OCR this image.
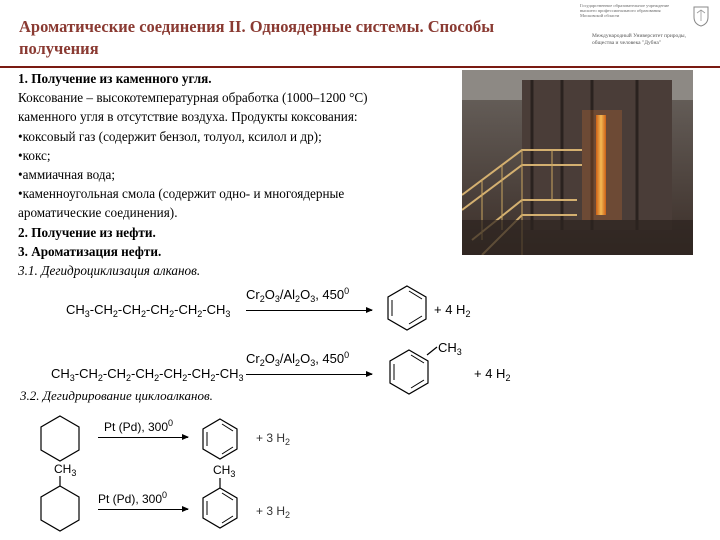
Ароматические соединения II. Одноядерные системы. Способы получения
Государственное образовательное учреждение высшего профессионального образования Московской области
Международный Университет природы, общества и человека "Дубна"

1. Получение из каменного угля.

Коксование – высокотемпературная обработка (1000–1200 °С)

каменного угля в отсутствие воздуха. Продукты коксования:

•коксовый газ (содержит бензол, толуол, ксилол и др);

•кокс;

•аммиачная вода;

•каменноугольная смола (содержит одно- и многоядерные

ароматические соединения).

2. Получение из нефти.

3. Ароматизация нефти.

3.1. Дегидроциклизация алканов.

$Cr_2O_3/Al_2O_3$, $450^0$
$CH_3-CH_2-CH_2-CH_2-CH_2-CH_3$	+ 4 $H_2$
$Cr_2O_3/Al_2O_3$, $450^0$
$CH_3-CH_2-CH_2-CH_2-CH_2-CH_2-CH_3$
$CH_3$
+ 4 $H_2$
3.2. Дегидрирование циклоалканов.
Pt (Pd), $300^0$
+ 3 $H_2$
$CH_3$
Pt (Pd), $300^0$
$CH_3$
+ 3 $H_2$
